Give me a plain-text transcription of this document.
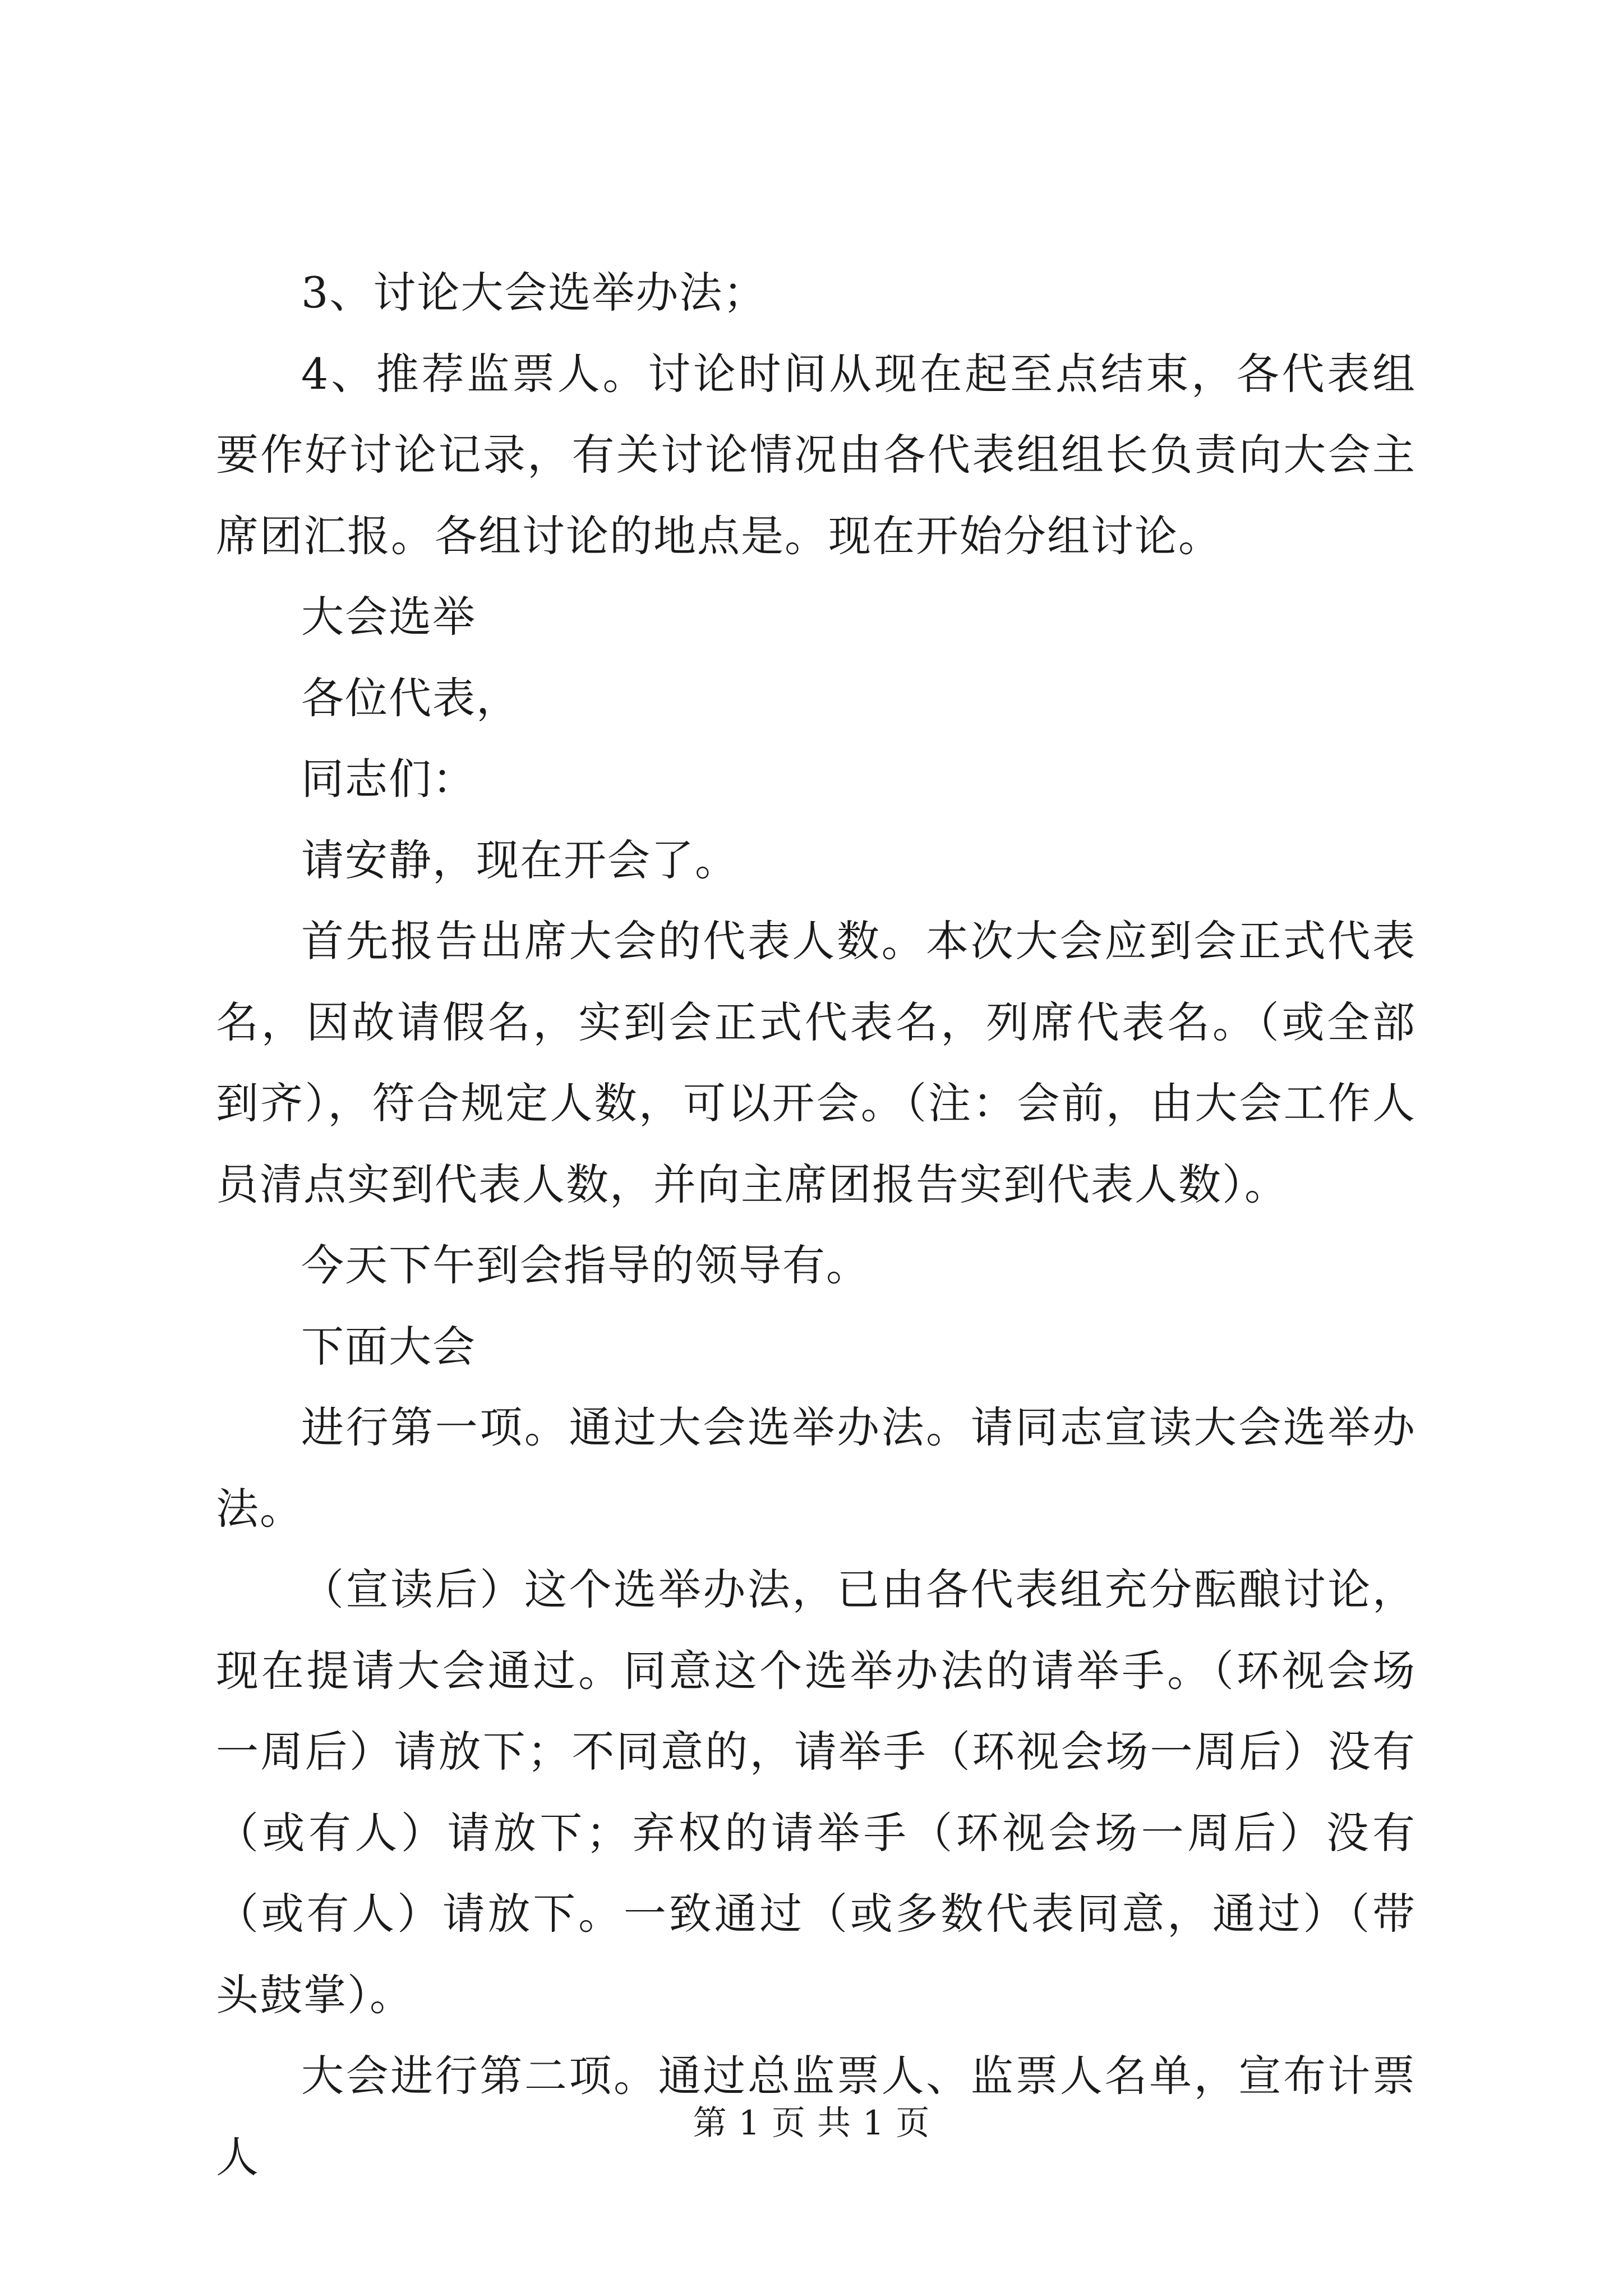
3、讨论大会选举办法；

4、推荐监票人。讨论时间从现在起至点结束，各代表组要作好讨论记录，有关讨论情况由各代表组组长负责向大会主席团汇报。各组讨论的地点是。现在开始分组讨论。

大会选举

各位代表，

同志们：

请安静，现在开会了。

首先报告出席大会的代表人数。本次大会应到会正式代表名，因故请假名，实到会正式代表名，列席代表名。（或全部到齐），符合规定人数，可以开会。（注：会前，由大会工作人员清点实到代表人数，并向主席团报告实到代表人数）。

今天下午到会指导的领导有。

下面大会

进行第一项。通过大会选举办法。请同志宣读大会选举办法。

（宣读后）这个选举办法，已由各代表组充分酝酿讨论，现在提请大会通过。同意这个选举办法的请举手。（环视会场一周后）请放下；不同意的，请举手（环视会场一周后）没有（或有人）请放下；弃权的请举手（环视会场一周后）没有（或有人）请放下。一致通过（或多数代表同意，通过）（带头鼓掌）。

大会进行第二项。通过总监票人、监票人名单，宣布计票人

第 1 页 共 1 页
